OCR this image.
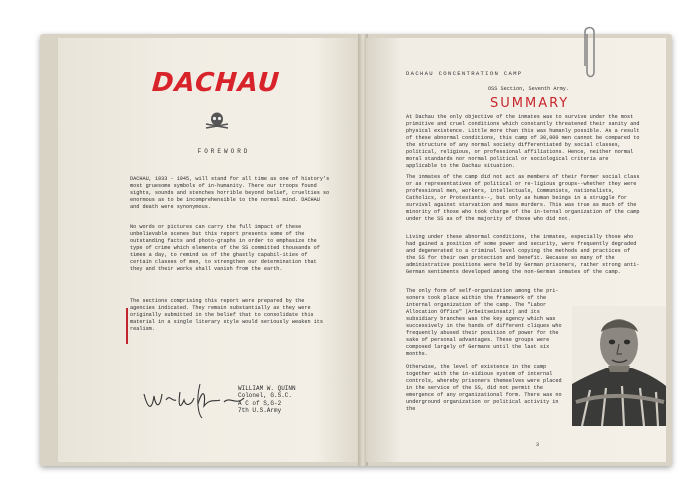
DACHAU
FOREWORD
DACHAU, 1933 - 1945, will stand for all time as one of history's most gruesome symbols of in-humanity. There our troops found sights, sounds and stenches horrible beyond belief, cruelties so enormous as to be incomprehensible to the normal mind. DACHAU and death were synonymous.
No words or pictures can carry the full impact of these unbelievable scenes but this report presents some of the outstanding facts and photo-graphs in order to emphasize the type of crime which elements of the SS committed thousands of times a day, to remind us of the ghastly capabil-ities of certain classes of men, to strengthen our determination that they and their works shall vanish from the earth.
The sections comprising this report were prepared by the agencies indicated. They remain substantially as they were originally submitted in the belief that to consolidate this material in a single literary style would seriously weaken its realism.
WILLIAM W. QUINN
Colonel, G.S.C.
A C of S,G-2
7th U.S.Army
DACHAU CONCENTRATION CAMP
OSS Section, Seventh Army.
SUMMARY
At Dachau the only objective of the inmates was to survive under the most primitive and cruel conditions which constantly threatened their sanity and physical existence. Little more than this was humanly possible. As a result of these abnormal conditions, this camp of 30,000 men cannot be compared to the structure of any normal society differentiated by social classes, political, religious, or professional affiliations. Hence, neither normal moral standards nor normal political or sociological criteria are applicable to the Dachau situation.
The inmates of the camp did not act as members of their former social class or as representatives of political or re-ligious groups--whether they were professional men, workers, intellectuals, Communists, nationalists, Catholics, or Protestants--, but only as human beings in a struggle for survival against starvation and mass murders. This was true as much of the minority of those who took charge of the in-ternal organization of the camp under the SS as of the majority of those who did not.
Living under these abnormal conditions, the inmates, especially those who had gained a position of some power and security, were frequently degraded and degenerated to a criminal level copying the methods and practices of the SS for their own protection and benefit. Because so many of the administrative positions were held by German prisoners, rather strong anti-German sentiments developed among the non-German inmates of the camp.
The only form of self-organization among the pri-soners took place within the framework of the internal organization of the camp. The "Labor Allocation Office" (Arbeitseinsatz) and its subsidiary branches was the key agency which was successively in the hands of different cliques who frequently abused their position of power for the sake of personal advantages. These groups were composed largely of Germans until the last six months.
Otherwise, the level of existence in the camp together with the in-sidious system of internal controls, whereby prisoners themselves were placed in the service of the SS, did not permit the emergence of any organizational form. There was no underground organization or political activity in the
3
